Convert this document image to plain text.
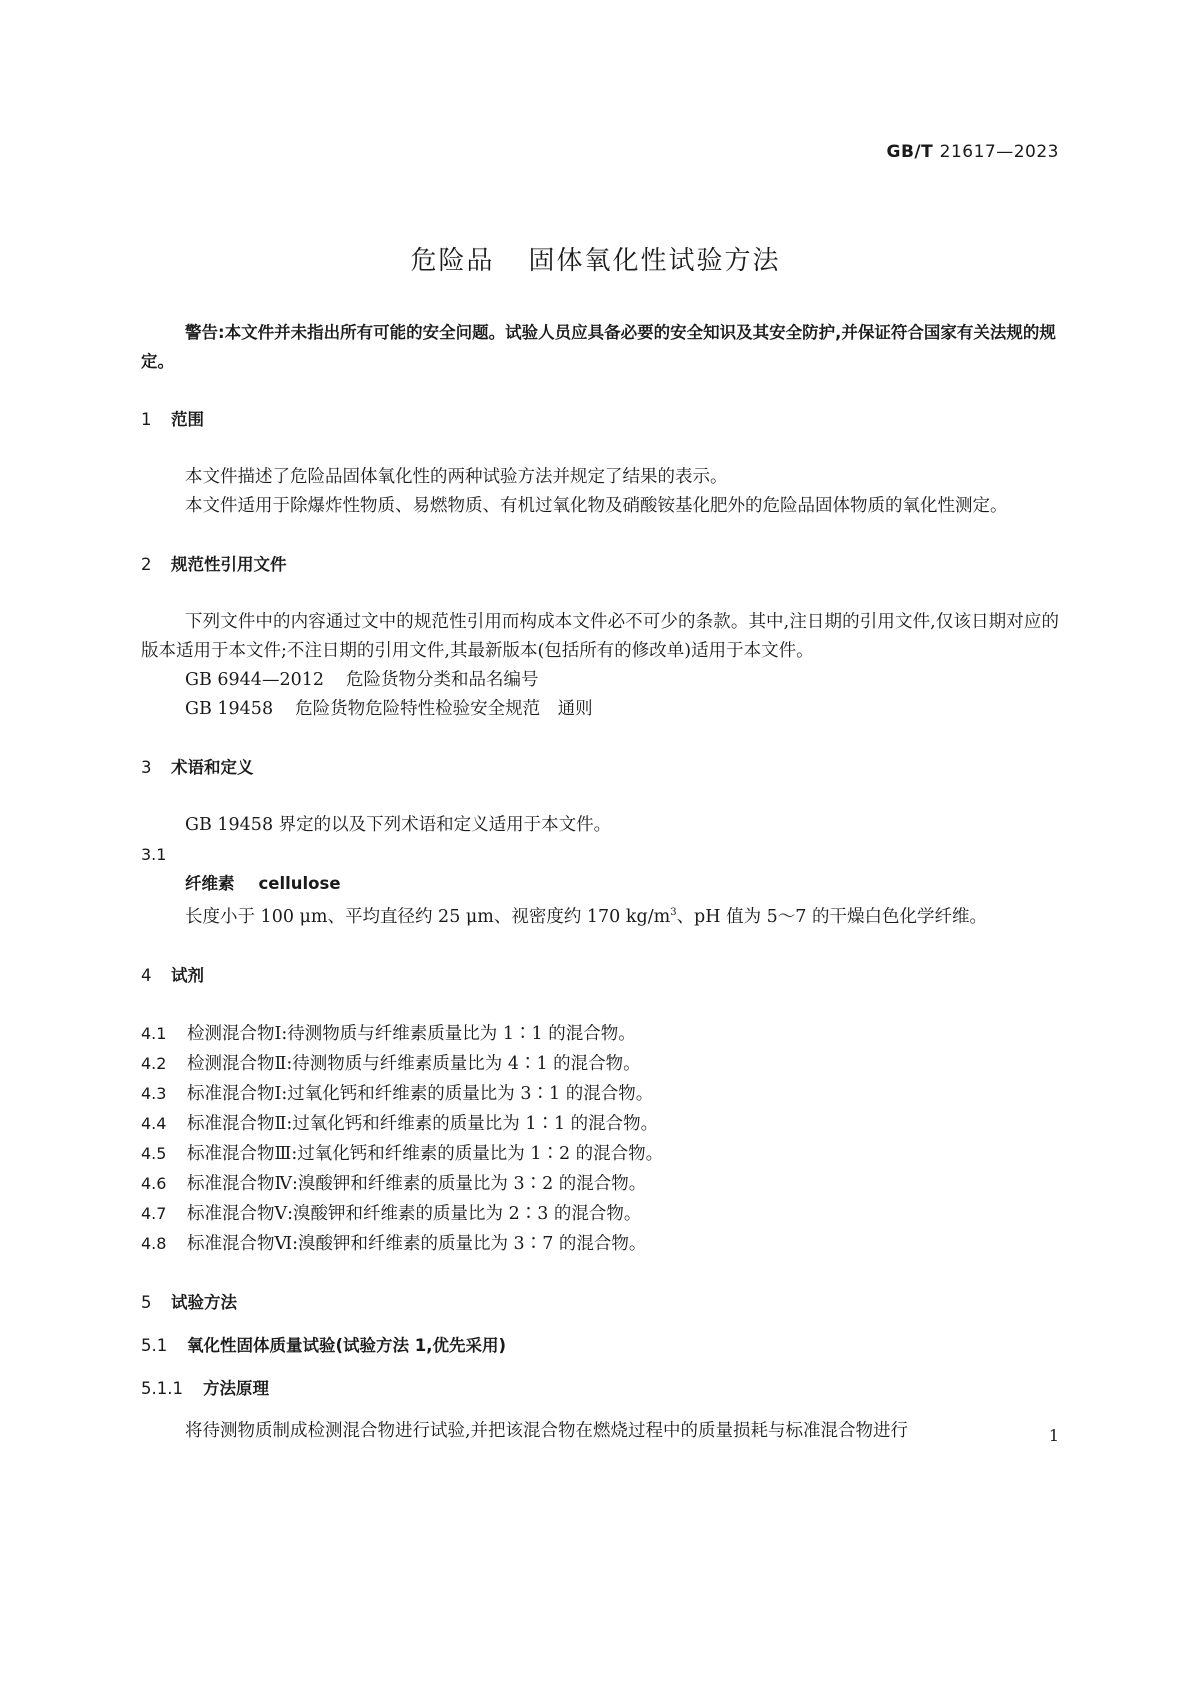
GB/T 21617—2023
危险品 固体氧化性试验方法

警告:本文件并未指出所有可能的安全问题。试验人员应具备必要的安全知识及其安全防护,并保证符合国家有关法规的规定。

1 范围

本文件描述了危险品固体氧化性的两种试验方法并规定了结果的表示。

本文件适用于除爆炸性物质、易燃物质、有机过氧化物及硝酸铵基化肥外的危险品固体物质的氧化性测定。

2 规范性引用文件

下列文件中的内容通过文中的规范性引用而构成本文件必不可少的条款。其中,注日期的引用文件,仅该日期对应的版本适用于本文件;不注日期的引用文件,其最新版本(包括所有的修改单)适用于本文件。

GB 6944—2012 危险货物分类和品名编号

GB 19458 危险货物危险特性检验安全规范　通则

3 术语和定义

GB 19458 界定的以及下列术语和定义适用于本文件。

3.1

纤维素 cellulose

长度小于 100 μm、平均直径约 25 μm、视密度约 170 $kg/m^3$、pH 值为 5～7 的干燥白色化学纤维。

4 试剂

4.1 检测混合物Ⅰ:待测物质与纤维素质量比为 1∶1 的混合物。

4.2 检测混合物Ⅱ:待测物质与纤维素质量比为 4∶1 的混合物。

4.3 标准混合物Ⅰ:过氧化钙和纤维素的质量比为 3∶1 的混合物。

4.4 标准混合物Ⅱ:过氧化钙和纤维素的质量比为 1∶1 的混合物。

4.5 标准混合物Ⅲ:过氧化钙和纤维素的质量比为 1∶2 的混合物。

4.6 标准混合物Ⅳ:溴酸钾和纤维素的质量比为 3∶2 的混合物。

4.7 标准混合物Ⅴ:溴酸钾和纤维素的质量比为 2∶3 的混合物。

4.8 标准混合物Ⅵ:溴酸钾和纤维素的质量比为 3∶7 的混合物。

5 试验方法

5.1 氧化性固体质量试验(试验方法 1,优先采用)

5.1.1 方法原理

将待测物质制成检测混合物进行试验,并把该混合物在燃烧过程中的质量损耗与标准混合物进行	1
